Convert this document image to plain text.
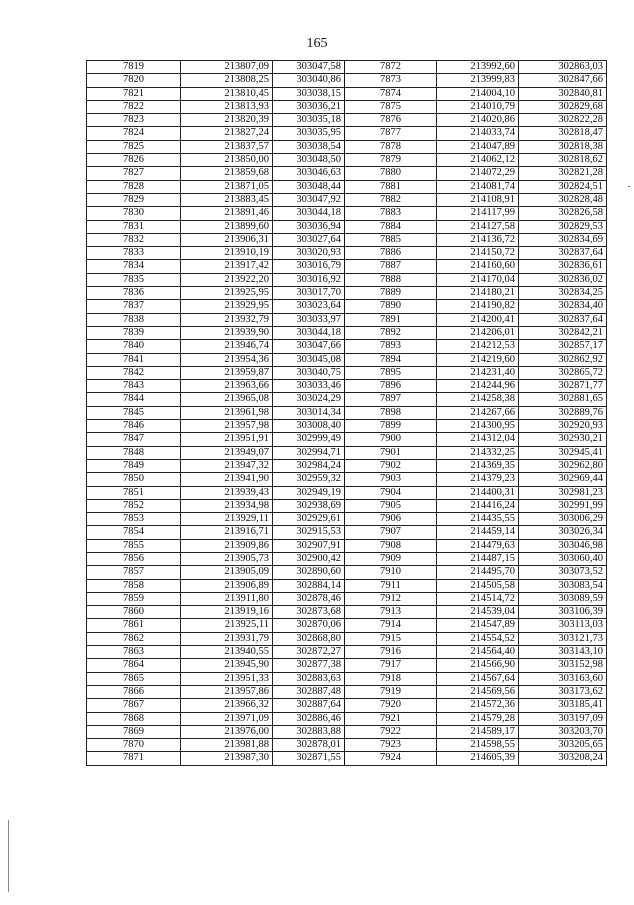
165
7819	213807,09	303047,58	7872	213992,60	302863,03
7820	213808,25	303040,86	7873	213999,83	302847,66
7821	213810,45	303038,15	7874	214004,10	302840,81
7822	213813,93	303036,21	7875	214010,79	302829,68
7823	213820,39	303035,18	7876	214020,86	302822,28
7824	213827,24	303035,95	7877	214033,74	302818,47
7825	213837,57	303038,54	7878	214047,89	302818,38
7826	213850,00	303048,50	7879	214062,12	302818,62
7827	213859,68	303046,63	7880	214072,29	302821,28
7828	213871,05	303048,44	7881	214081,74	302824,51
7829	213883,45	303047,92	7882	214108,91	302828,48
7830	213891,46	303044,18	7883	214117,99	302826,58
7831	213899,60	303036,94	7884	214127,58	302829,53
7832	213906,31	303027,64	7885	214136,72	302834,69
7833	213910,19	303020,93	7886	214150,72	302837,64
7834	213917,42	303016,79	7887	214160,60	302836,61
7835	213922,20	303016,92	7888	214170,04	302836,02
7836	213925,95	303017,70	7889	214180,21	302834,25
7837	213929,95	303023,64	7890	214190,82	302834,40
7838	213932,79	303033,97	7891	214200,41	302837,64
7839	213939,90	303044,18	7892	214206,01	302842,21
7840	213946,74	303047,66	7893	214212,53	302857,17
7841	213954,36	303045,08	7894	214219,60	302862,92
7842	213959,87	303040,75	7895	214231,40	302865,72
7843	213963,66	303033,46	7896	214244,96	302871,77
7844	213965,08	303024,29	7897	214258,38	302881,65
7845	213961,98	303014,34	7898	214267,66	302889,76
7846	213957,98	303008,40	7899	214300,95	302920,93
7847	213951,91	302999,49	7900	214312,04	302930,21
7848	213949,07	302994,71	7901	214332,25	302945,41
7849	213947,32	302984,24	7902	214369,35	302962,80
7850	213941,90	302959,32	7903	214379,23	302969,44
7851	213939,43	302949,19	7904	214400,31	302981,23
7852	213934,98	302938,69	7905	214416,24	302991,99
7853	213929,11	302929,61	7906	214435,55	303006,29
7854	213916,71	302915,53	7907	214459,14	303026,34
7855	213909,86	302907,91	7908	214479,63	303046,98
7856	213905,73	302900,42	7909	214487,15	303060,40
7857	213905,09	302890,60	7910	214495,70	303073,52
7858	213906,89	302884,14	7911	214505,58	303083,54
7859	213911,80	302878,46	7912	214514,72	303089,59
7860	213919,16	302873,68	7913	214539,04	303106,39
7861	213925,11	302870,06	7914	214547,89	303113,03
7862	213931,79	302868,80	7915	214554,52	303121,73
7863	213940,55	302872,27	7916	214564,40	303143,10
7864	213945,90	302877,38	7917	214566,90	303152,98
7865	213951,33	302883,63	7918	214567,64	303163,60
7866	213957,86	302887,48	7919	214569,56	303173,62
7867	213966,32	302887,64	7920	214572,36	303185,41
7868	213971,09	302886,46	7921	214579,28	303197,09
7869	213976,00	302883,88	7922	214589,17	303203,70
7870	213981,88	302878,01	7923	214598,55	303205,65
7871	213987,30	302871,55	7924	214605,39	303208,24
